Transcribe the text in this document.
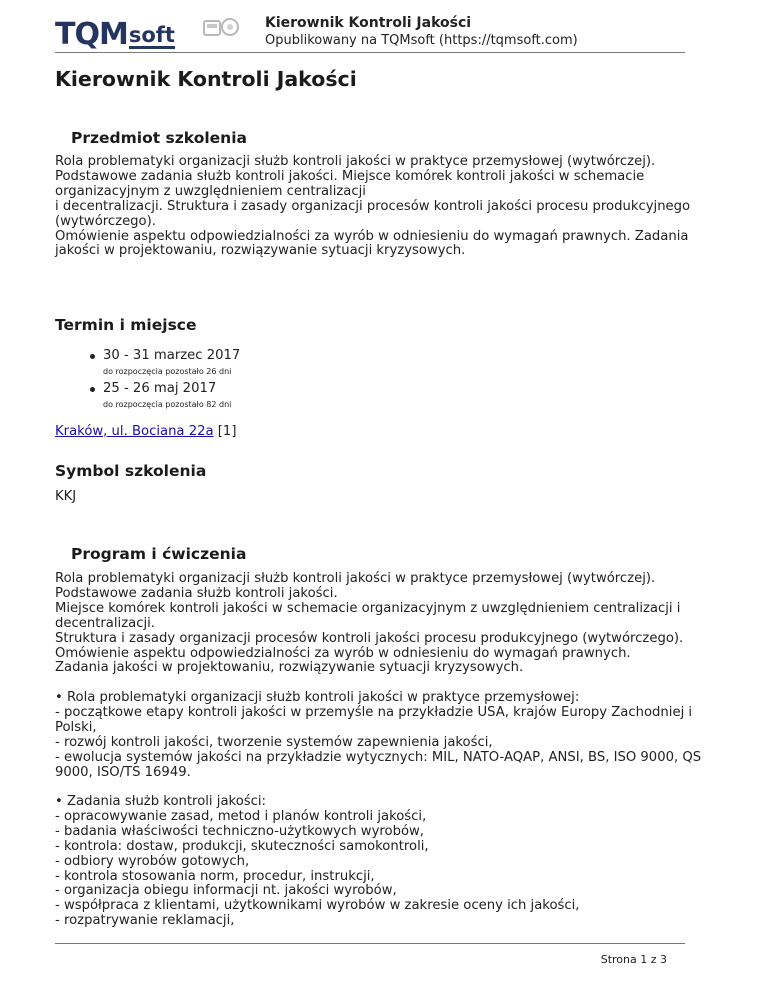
TQM soft	Kierownik Kontroli Jakości
Opublikowany na TQMsoft (https://tqmsoft.com)
Kierownik Kontroli Jakości
Przedmiot szkolenia
Rola problematyki organizacji służb kontroli jakości w praktyce przemysłowej (wytwórczej).
Podstawowe zadania służb kontroli jakości. Miejsce komórek kontroli jakości w schemacie
organizacyjnym z uwzględnieniem centralizacji
i decentralizacji. Struktura i zasady organizacji procesów kontroli jakości procesu produkcyjnego
(wytwórczego).
Omówienie aspektu odpowiedzialności za wyrób w odniesieniu do wymagań prawnych. Zadania
jakości w projektowaniu, rozwiązywanie sytuacji kryzysowych.
Termin i miejsce
30 - 31 marzec 2017
do rozpoczęcia pozostało 26 dni
25 - 26 maj 2017
do rozpoczęcia pozostało 82 dni
Kraków, ul. Bociana 22a [1]
Symbol szkolenia
KKJ
Program i ćwiczenia
Rola problematyki organizacji służb kontroli jakości w praktyce przemysłowej (wytwórczej).
Podstawowe zadania służb kontroli jakości.
Miejsce komórek kontroli jakości w schemacie organizacyjnym z uwzględnieniem centralizacji i
decentralizacji.
Struktura i zasady organizacji procesów kontroli jakości procesu produkcyjnego (wytwórczego).
Omówienie aspektu odpowiedzialności za wyrób w odniesieniu do wymagań prawnych.
Zadania jakości w projektowaniu, rozwiązywanie sytuacji kryzysowych.
• Rola problematyki organizacji służb kontroli jakości w praktyce przemysłowej:
- początkowe etapy kontroli jakości w przemyśle na przykładzie USA, krajów Europy Zachodniej i
Polski,
- rozwój kontroli jakości, tworzenie systemów zapewnienia jakości,
- ewolucja systemów jakości na przykładzie wytycznych: MIL, NATO-AQAP, ANSI, BS, ISO 9000, QS
9000, ISO/TS 16949.
• Zadania służb kontroli jakości:
- opracowywanie zasad, metod i planów kontroli jakości,
- badania właściwości techniczno-użytkowych wyrobów,
- kontrola: dostaw, produkcji, skuteczności samokontroli,
- odbiory wyrobów gotowych,
- kontrola stosowania norm, procedur, instrukcji,
- organizacja obiegu informacji nt. jakości wyrobów,
- współpraca z klientami, użytkownikami wyrobów w zakresie oceny ich jakości,
- rozpatrywanie reklamacji,
Strona 1 z 3
